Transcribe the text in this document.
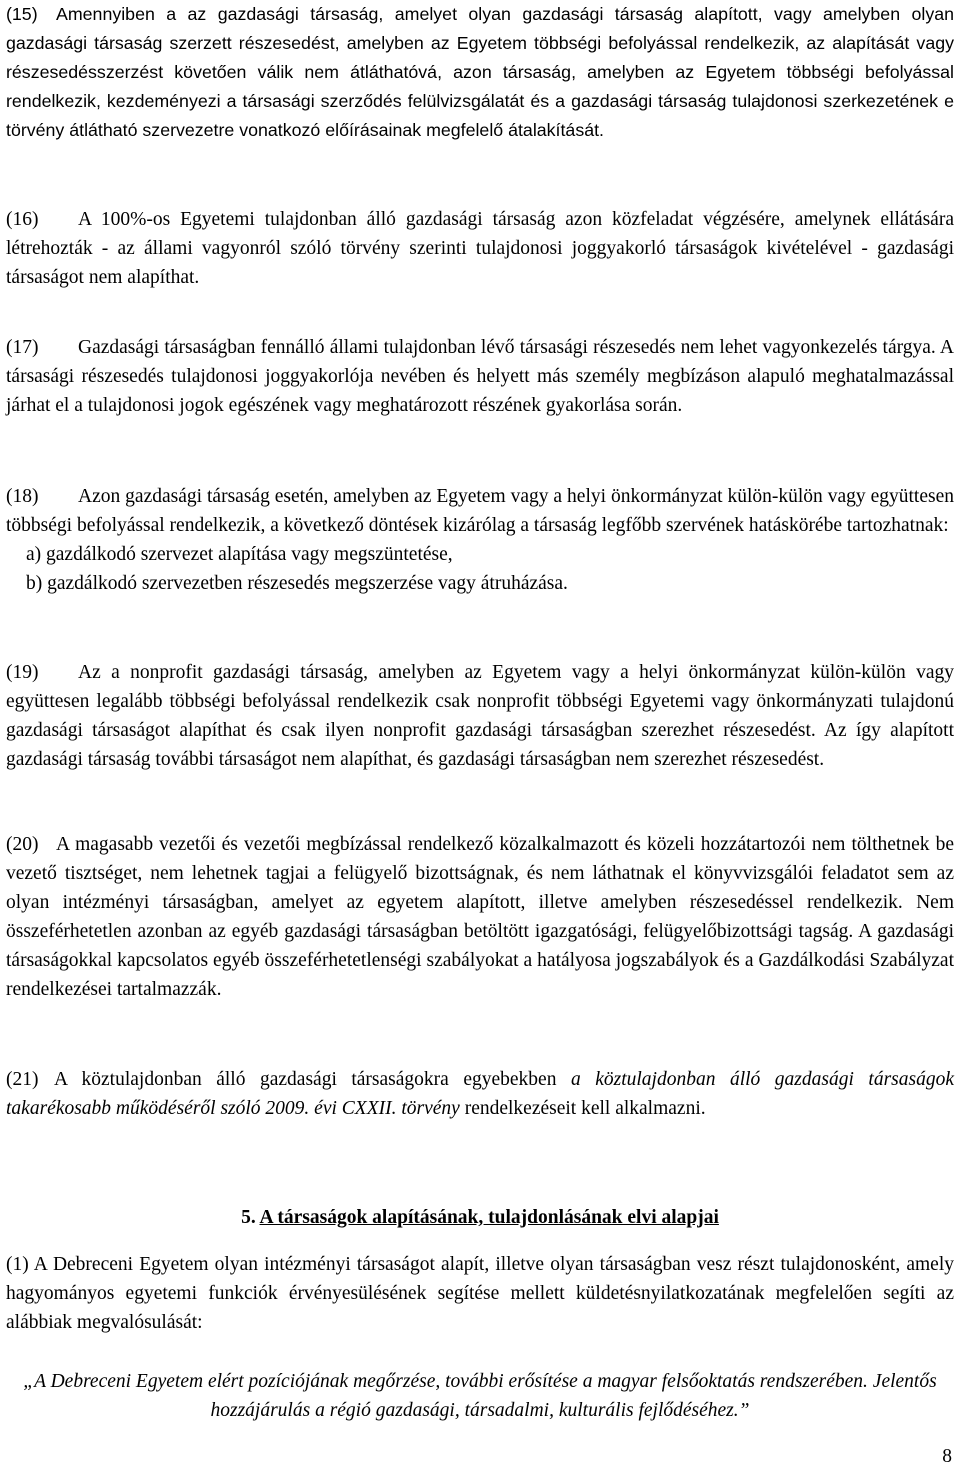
(15) Amennyiben a az gazdasági társaság, amelyet olyan gazdasági társaság alapított, vagy amelyben olyan gazdasági társaság szerzett részesedést, amelyben az Egyetem többségi befolyással rendelkezik, az alapítását vagy részesedésszerzést követően válik nem átláthatóvá, azon társaság, amelyben az Egyetem többségi befolyással rendelkezik, kezdeményezi a társasági szerződés felülvizsgálatát és a gazdasági társaság tulajdonosi szerkezetének e törvény átlátható szervezetre vonatkozó előírásainak megfelelő átalakítását.

(16) A 100%-os Egyetemi tulajdonban álló gazdasági társaság azon közfeladat végzésére, amelynek ellátására létrehozták - az állami vagyonról szóló törvény szerinti tulajdonosi joggyakorló társaságok kivételével - gazdasági társaságot nem alapíthat.

(17) Gazdasági társaságban fennálló állami tulajdonban lévő társasági részesedés nem lehet vagyonkezelés tárgya. A társasági részesedés tulajdonosi joggyakorlója nevében és helyett más személy megbízáson alapuló meghatalmazással járhat el a tulajdonosi jogok egészének vagy meghatározott részének gyakorlása során.

(18) Azon gazdasági társaság esetén, amelyben az Egyetem vagy a helyi önkormányzat külön-külön vagy együttesen többségi befolyással rendelkezik, a következő döntések kizárólag a társaság legfőbb szervének hatáskörébe tartozhatnak:
a) gazdálkodó szervezet alapítása vagy megszüntetése,
b) gazdálkodó szervezetben részesedés megszerzése vagy átruházása.

(19) Az a nonprofit gazdasági társaság, amelyben az Egyetem vagy a helyi önkormányzat külön-külön vagy együttesen legalább többségi befolyással rendelkezik csak nonprofit többségi Egyetemi vagy önkormányzati tulajdonú gazdasági társaságot alapíthat és csak ilyen nonprofit gazdasági társaságban szerezhet részesedést. Az így alapított gazdasági társaság további társaságot nem alapíthat, és gazdasági társaságban nem szerezhet részesedést.

(20) A magasabb vezetői és vezetői megbízással rendelkező közalkalmazott és közeli hozzátartozói nem tölthetnek be vezető tisztséget, nem lehetnek tagjai a felügyelő bizottságnak, és nem láthatnak el könyvvizsgálói feladatot sem az olyan intézményi társaságban, amelyet az egyetem alapított, illetve amelyben részesedéssel rendelkezik. Nem összeférhetetlen azonban az egyéb gazdasági társaságban betöltött igazgatósági, felügyelőbizottsági tagság. A gazdasági társaságokkal kapcsolatos egyéb összeférhetetlenségi szabályokat a hatályosa jogszabályok és a Gazdálkodási Szabályzat rendelkezései tartalmazzák.

(21) A köztulajdonban álló gazdasági társaságokra egyebekben a köztulajdonban álló gazdasági társaságok takarékosabb működéséről szóló 2009. évi CXXII. törvény rendelkezéseit kell alkalmazni.

5. A társaságok alapításának, tulajdonlásának elvi alapjai

(1) A Debreceni Egyetem olyan intézményi társaságot alapít, illetve olyan társaságban vesz részt tulajdonosként, amely hagyományos egyetemi funkciók érvényesülésének segítése mellett küldetésnyilatkozatának megfelelően segíti az alábbiak megvalósulását:

„A Debreceni Egyetem elért pozíciójának megőrzése, további erősítése a magyar felsőoktatás rendszerében. Jelentős hozzájárulás a régió gazdasági, társadalmi, kulturális fejlődéséhez.”

8
